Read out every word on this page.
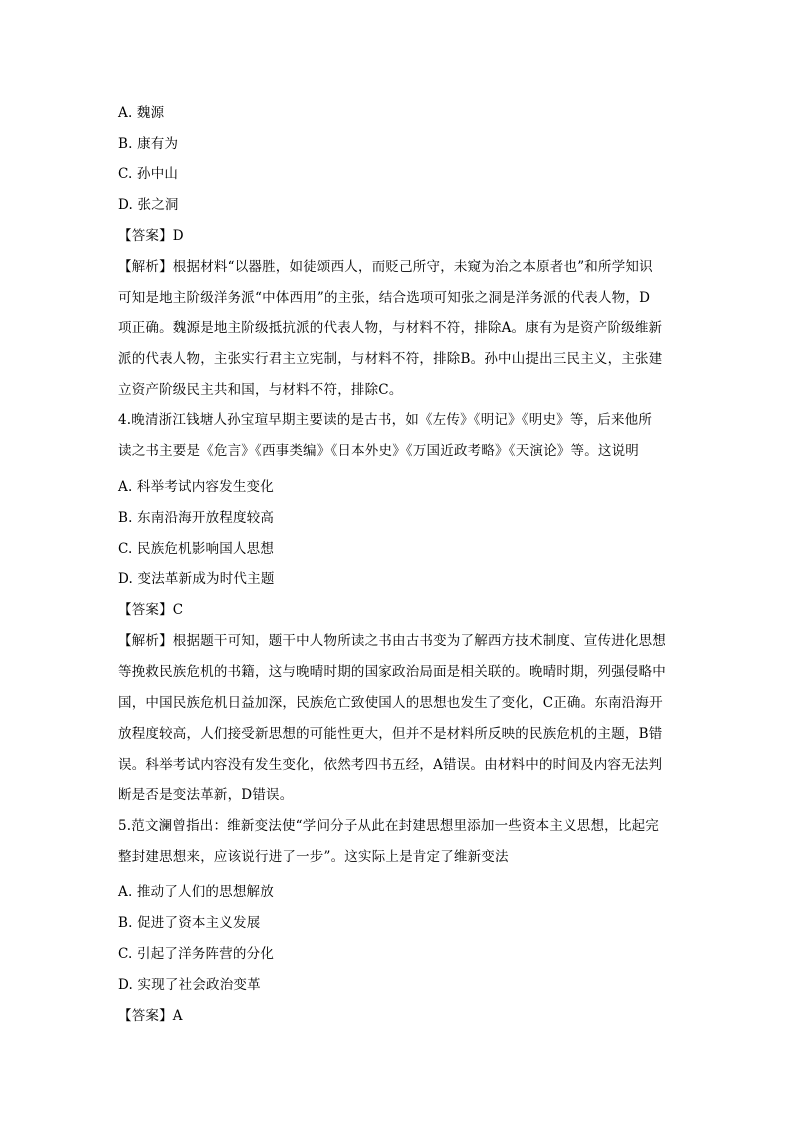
A. 魏源
B. 康有为
C. 孙中山
D. 张之洞
【答案】D
【解析】根据材料“以器胜，如徒颂西人，而贬己所守，未窥为治之本原者也”和所学知识
可知是地主阶级洋务派“中体西用”的主张，结合选项可知张之洞是洋务派的代表人物，D
项正确。魏源是地主阶级抵抗派的代表人物，与材料不符，排除A。康有为是资产阶级维新
派的代表人物，主张实行君主立宪制，与材料不符，排除B。孙中山提出三民主义，主张建
立资产阶级民主共和国，与材料不符，排除C。
4.晚清浙江钱塘人孙宝瑄早期主要读的是古书，如《左传》《明记》《明史》等，后来他所
读之书主要是《危言》《西事类编》《日本外史》《万国近政考略》《天演论》等。这说明
A. 科举考试内容发生变化
B. 东南沿海开放程度较高
C. 民族危机影响国人思想
D. 变法革新成为时代主题
【答案】C
【解析】根据题干可知，题干中人物所读之书由古书变为了解西方技术制度、宣传进化思想
等挽救民族危机的书籍，这与晚晴时期的国家政治局面是相关联的。晚晴时期，列强侵略中
国，中国民族危机日益加深，民族危亡致使国人的思想也发生了变化，C正确。东南沿海开
放程度较高，人们接受新思想的可能性更大，但并不是材料所反映的民族危机的主题，B错
误。科举考试内容没有发生变化，依然考四书五经，A错误。由材料中的时间及内容无法判
断是否是变法革新，D错误。
5.范文澜曾指出：维新变法使“学问分子从此在封建思想里添加一些资本主义思想，比起完
整封建思想来，应该说行进了一步”。这实际上是肯定了维新变法
A. 推动了人们的思想解放
B. 促进了资本主义发展
C. 引起了洋务阵营的分化
D. 实现了社会政治变革
【答案】A
